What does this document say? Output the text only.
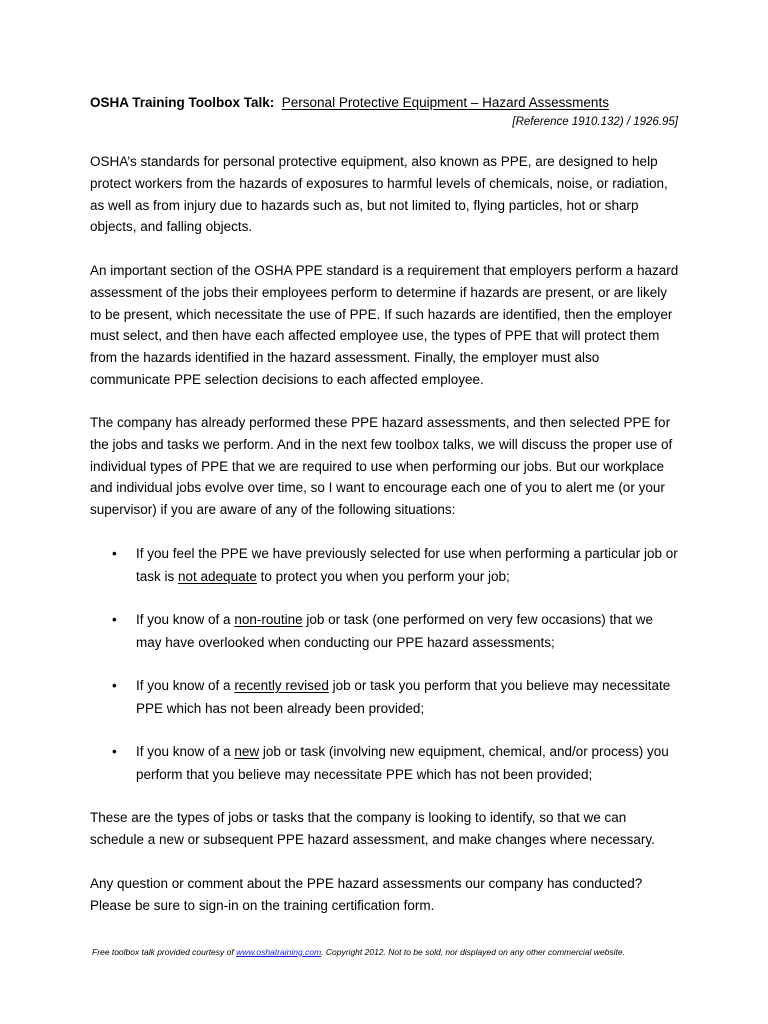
OSHA Training Toolbox Talk: Personal Protective Equipment – Hazard Assessments
[Reference 1910.132) / 1926.95]

OSHA’s standards for personal protective equipment, also known as PPE, are designed to help protect workers from the hazards of exposures to harmful levels of chemicals, noise, or radiation, as well as from injury due to hazards such as, but not limited to, flying particles, hot or sharp objects, and falling objects.

An important section of the OSHA PPE standard is a requirement that employers perform a hazard assessment of the jobs their employees perform to determine if hazards are present, or are likely to be present, which necessitate the use of PPE. If such hazards are identified, then the employer must select, and then have each affected employee use, the types of PPE that will protect them from the hazards identified in the hazard assessment. Finally, the employer must also communicate PPE selection decisions to each affected employee.

The company has already performed these PPE hazard assessments, and then selected PPE for the jobs and tasks we perform. And in the next few toolbox talks, we will discuss the proper use of individual types of PPE that we are required to use when performing our jobs. But our workplace and individual jobs evolve over time, so I want to encourage each one of you to alert me (or your supervisor) if you are aware of any of the following situations:

• If you feel the PPE we have previously selected for use when performing a particular job or task is not adequate to protect you when you perform your job;
• If you know of a non-routine job or task (one performed on very few occasions) that we may have overlooked when conducting our PPE hazard assessments;
• If you know of a recently revised job or task you perform that you believe may necessitate PPE which has not been already been provided;
• If you know of a new job or task (involving new equipment, chemical, and/or process) you perform that you believe may necessitate PPE which has not been provided;

These are the types of jobs or tasks that the company is looking to identify, so that we can schedule a new or subsequent PPE hazard assessment, and make changes where necessary.

Any question or comment about the PPE hazard assessments our company has conducted? Please be sure to sign-in on the training certification form.

Free toolbox talk provided courtesy of www.oshatraining.com. Copyright 2012. Not to be sold, nor displayed on any other commercial website.
